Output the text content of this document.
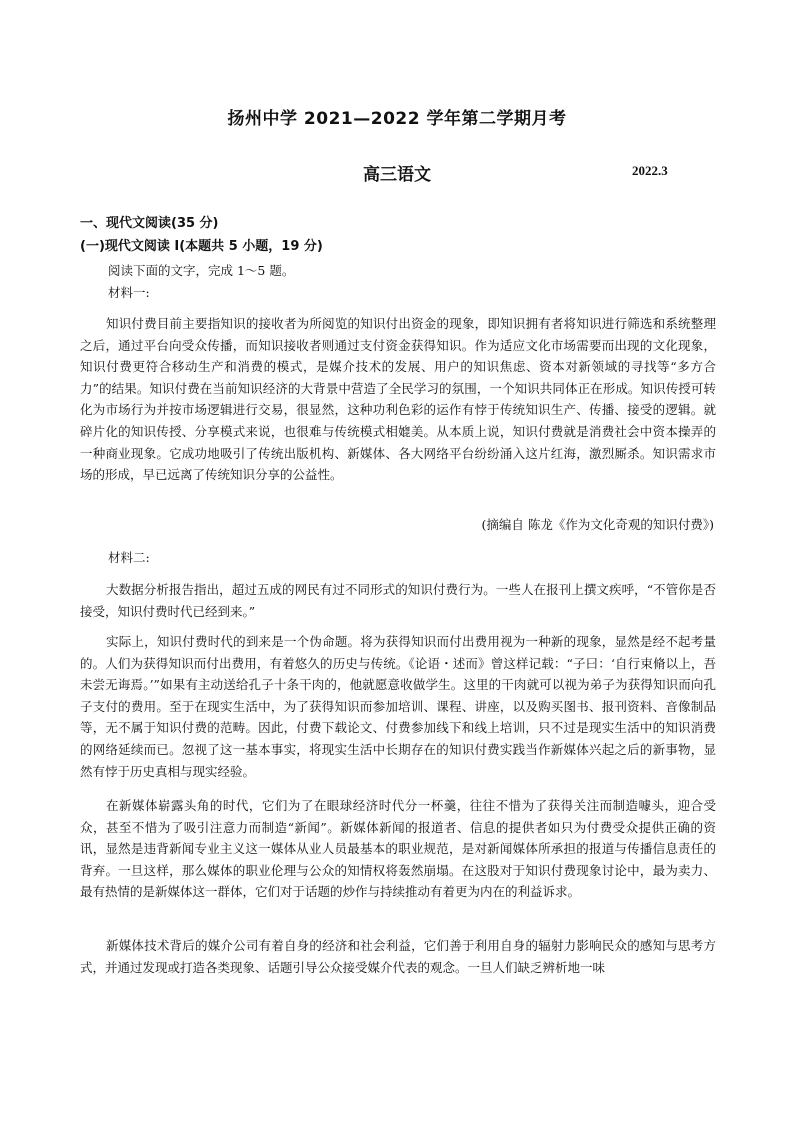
扬州中学 2021—2022 学年第二学期月考
高三语文	2022.3
一、现代文阅读(35 分)
(一)现代文阅读 I(本题共 5 小题，19 分)
阅读下面的文字，完成 1～5 题。
材料一:

知识付费目前主要指知识的接收者为所阅览的知识付出资金的现象，即知识拥有者将知识进行筛选和系统整理之后，通过平台向受众传播，而知识接收者则通过支付资金获得知识。作为适应文化市场需要而出现的文化现象，知识付费更符合移动生产和消费的模式，是媒介技术的发展、用户的知识焦虑、资本对新领域的寻找等“多方合力”的结果。知识付费在当前知识经济的大背景中营造了全民学习的氛围，一个知识共同体正在形成。知识传授可转化为市场行为并按市场逻辑进行交易，很显然，这种功利色彩的运作有悖于传统知识生产、传播、接受的逻辑。就碎片化的知识传授、分享模式来说，也很难与传统模式相媲美。从本质上说，知识付费就是消费社会中资本操弄的一种商业现象。它成功地吸引了传统出版机构、新媒体、各大网络平台纷纷涌入这片红海，激烈厮杀。知识需求市场的形成，早已远离了传统知识分享的公益性。

(摘编自 陈龙《作为文化奇观的知识付费》)
材料二:

大数据分析报告指出，超过五成的网民有过不同形式的知识付费行为。一些人在报刊上撰文疾呼，“不管你是否接受，知识付费时代已经到来。”

实际上，知识付费时代的到来是一个伪命题。将为获得知识而付出费用视为一种新的现象，显然是经不起考量的。人们为获得知识而付出费用，有着悠久的历史与传统。《论语・述而》曾这样记载：“子曰：‘自行束脩以上，吾未尝无诲焉。’”如果有主动送给孔子十条干肉的，他就愿意收做学生。这里的干肉就可以视为弟子为获得知识而向孔子支付的费用。至于在现实生活中，为了获得知识而参加培训、课程、讲座，以及购买图书、报刊资料、音像制品等，无不属于知识付费的范畴。因此，付费下载论文、付费参加线下和线上培训，只不过是现实生活中的知识消费的网络延续而已。忽视了这一基本事实，将现实生活中长期存在的知识付费实践当作新媒体兴起之后的新事物，显然有悖于历史真相与现实经验。

在新媒体崭露头角的时代，它们为了在眼球经济时代分一杯羹，往往不惜为了获得关注而制造噱头，迎合受众，甚至不惜为了吸引注意力而制造“新闻”。新媒体新闻的报道者、信息的提供者如只为付费受众提供正确的资讯，显然是违背新闻专业主义这一媒体从业人员最基本的职业规范，是对新闻媒体所承担的报道与传播信息责任的背弃。一旦这样，那么媒体的职业伦理与公众的知情权将轰然崩塌。在这股对于知识付费现象讨论中，最为卖力、最有热情的是新媒体这一群体，它们对于话题的炒作与持续推动有着更为内在的利益诉求。

新媒体技术背后的媒介公司有着自身的经济和社会利益，它们善于利用自身的辐射力影响民众的感知与思考方式，并通过发现或打造各类现象、话题引导公众接受媒介代表的观念。一旦人们缺乏辨析地一味
